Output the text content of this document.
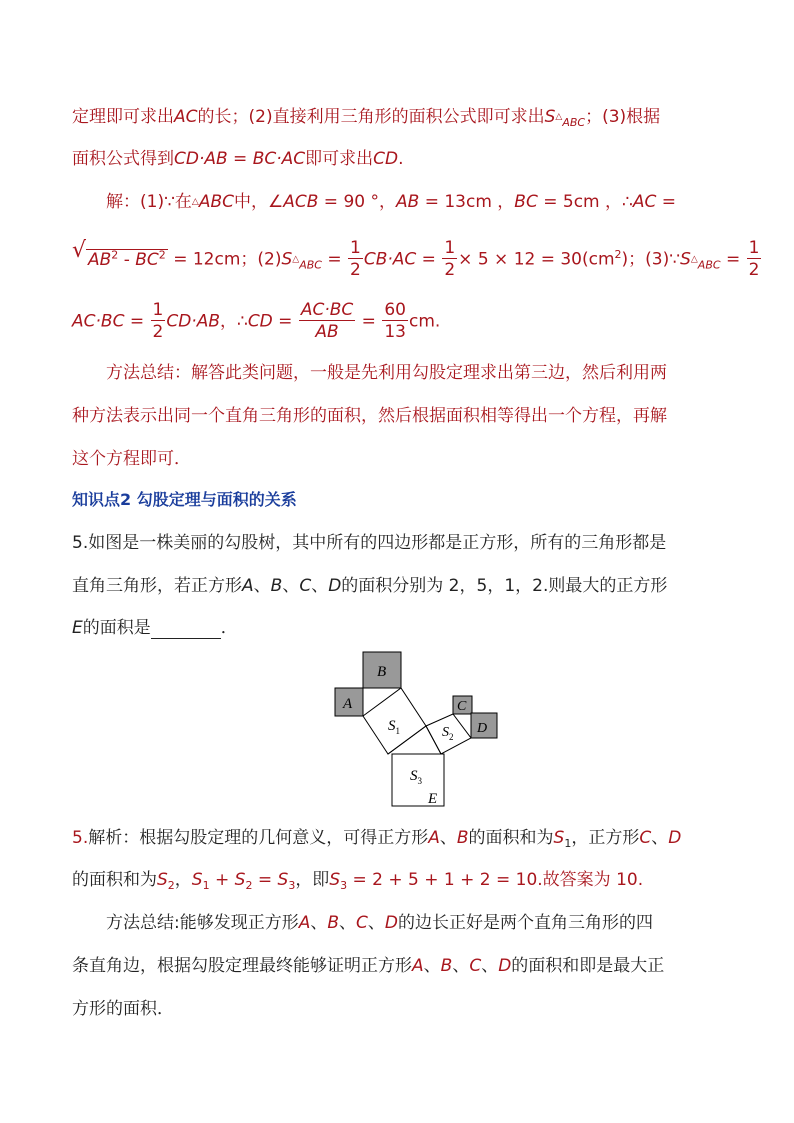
定理即可求出AC的长；(2)直接利用三角形的面积公式即可求出$S\triangle_{ABC}$；(3)根据
面积公式得到CD·AB = BC·AC即可求出CD.
解：(1)∵在△ABC中，∠ACB = 90 °，AB = 13cm ，BC = 5cm ，∴AC =
√ $AB^2 - BC^2 = 12cm$；$(2)S\triangle_{ABC} = \frac{1}{2} CB\cdot AC = \frac{1}{2} \times 5 \times 12 = 30(cm^2)$；$(3)\because S\triangle_{ABC} = \frac{1}{2}$
$AC\cdot BC = \frac{1}{2} CD\cdot AB$，∴CD = $\frac{AC\cdot BC}{AB} = \frac{60}{13}$ cm.
方法总结：解答此类问题，一般是先利用勾股定理求出第三边，然后利用两
种方法表示出同一个直角三角形的面积，然后根据面积相等得出一个方程，再解
这个方程即可．
知识点2 勾股定理与面积的关系
5.如图是一株美丽的勾股树，其中所有的四边形都是正方形，所有的三角形都是
直角三角形，若正方形A、B、C、D的面积分别为 2，5，1，2.则最大的正方形
E的面积是	．
B
A	C
D
$S_1$	$S_2$
$S_3$
E
5.解析：根据勾股定理的几何意义，可得正方形A、B的面积和为$S_1$，正方形C、D
的面积和为$S_2$，$S_1 + S_2 = S_3$，即$S_3 = 2 + 5 + 1 + 2 = 10$.故答案为 10.
方法总结:能够发现正方形A、B、C、D的边长正好是两个直角三角形的四
条直角边，根据勾股定理最终能够证明正方形A、B、C、D的面积和即是最大正
方形的面积．
